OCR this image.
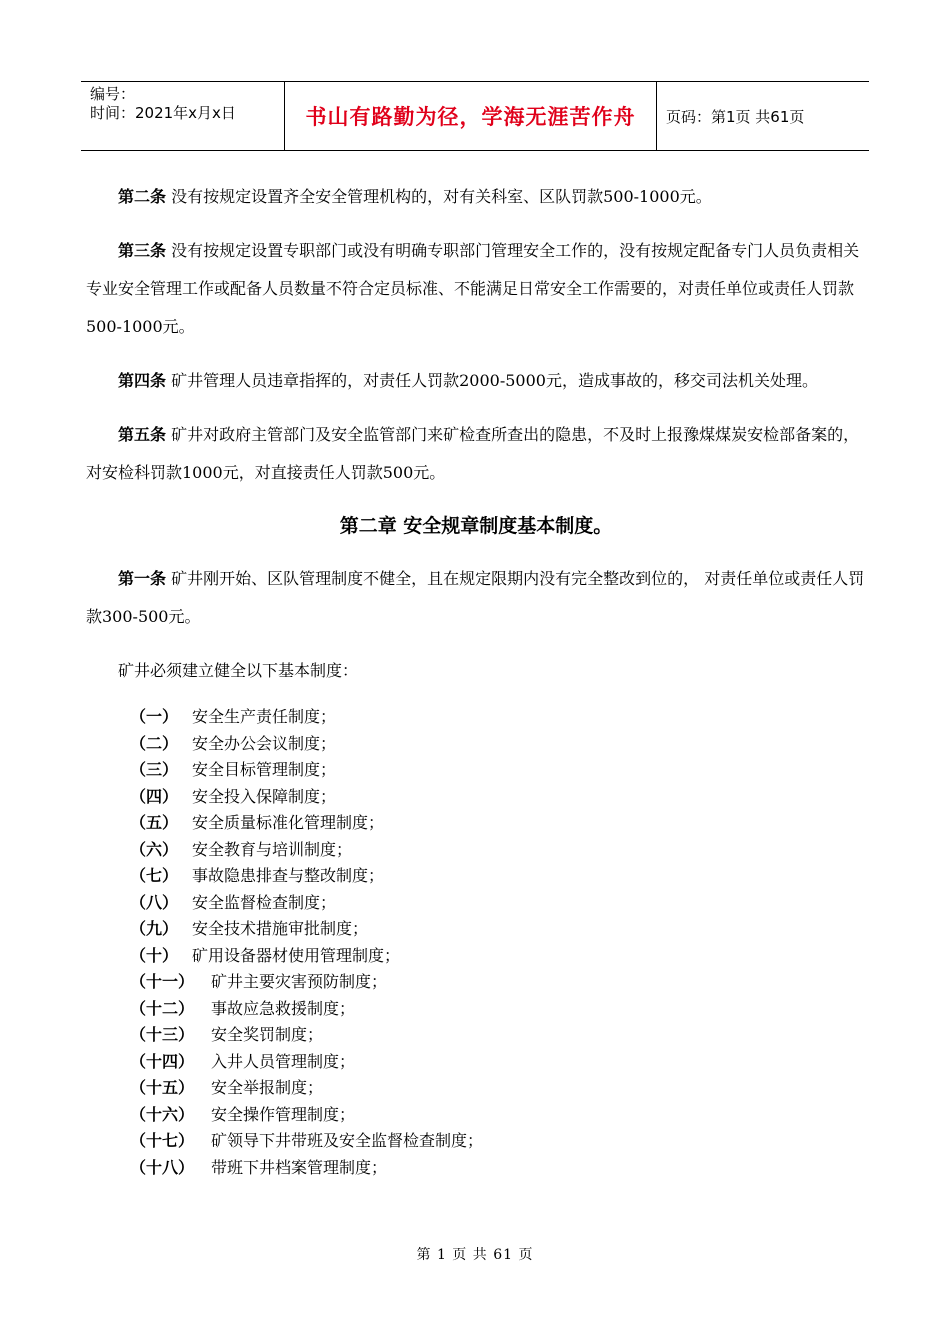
编号：
时间：2021年x月x日	书山有路勤为径，学海无涯苦作舟	页码：第1页 共61页

第二条 没有按规定设置齐全安全管理机构的，对有关科室、区队罚款500-1000元。

第三条 没有按规定设置专职部门或没有明确专职部门管理安全工作的，没有按规定配备专门人员负责相关专业安全管理工作或配备人员数量不符合定员标准、不能满足日常安全工作需要的，对责任单位或责任人罚款500-1000元。

第四条 矿井管理人员违章指挥的，对责任人罚款2000-5000元，造成事故的，移交司法机关处理。

第五条 矿井对政府主管部门及安全监管部门来矿检查所查出的隐患，不及时上报豫煤煤炭安检部备案的，对安检科罚款1000元，对直接责任人罚款500元。

第二章 安全规章制度基本制度。

第一条 矿井刚开始、区队管理制度不健全，且在规定限期内没有完全整改到位的， 对责任单位或责任人罚款300-500元。

矿井必须建立健全以下基本制度：

（一） 安全生产责任制度；
（二） 安全办公会议制度；
（三） 安全目标管理制度；
（四） 安全投入保障制度；
（五） 安全质量标准化管理制度；
（六） 安全教育与培训制度；
（七） 事故隐患排查与整改制度；
（八） 安全监督检查制度；
（九） 安全技术措施审批制度；
（十） 矿用设备器材使用管理制度；
（十一）	矿井主要灾害预防制度；
（十二）	事故应急救援制度；
（十三）	安全奖罚制度；
（十四）	入井人员管理制度；
（十五）	安全举报制度；
（十六）	安全操作管理制度；
（十七）	矿领导下井带班及安全监督检查制度；
（十八）	带班下井档案管理制度；
第 1 页 共 61 页
